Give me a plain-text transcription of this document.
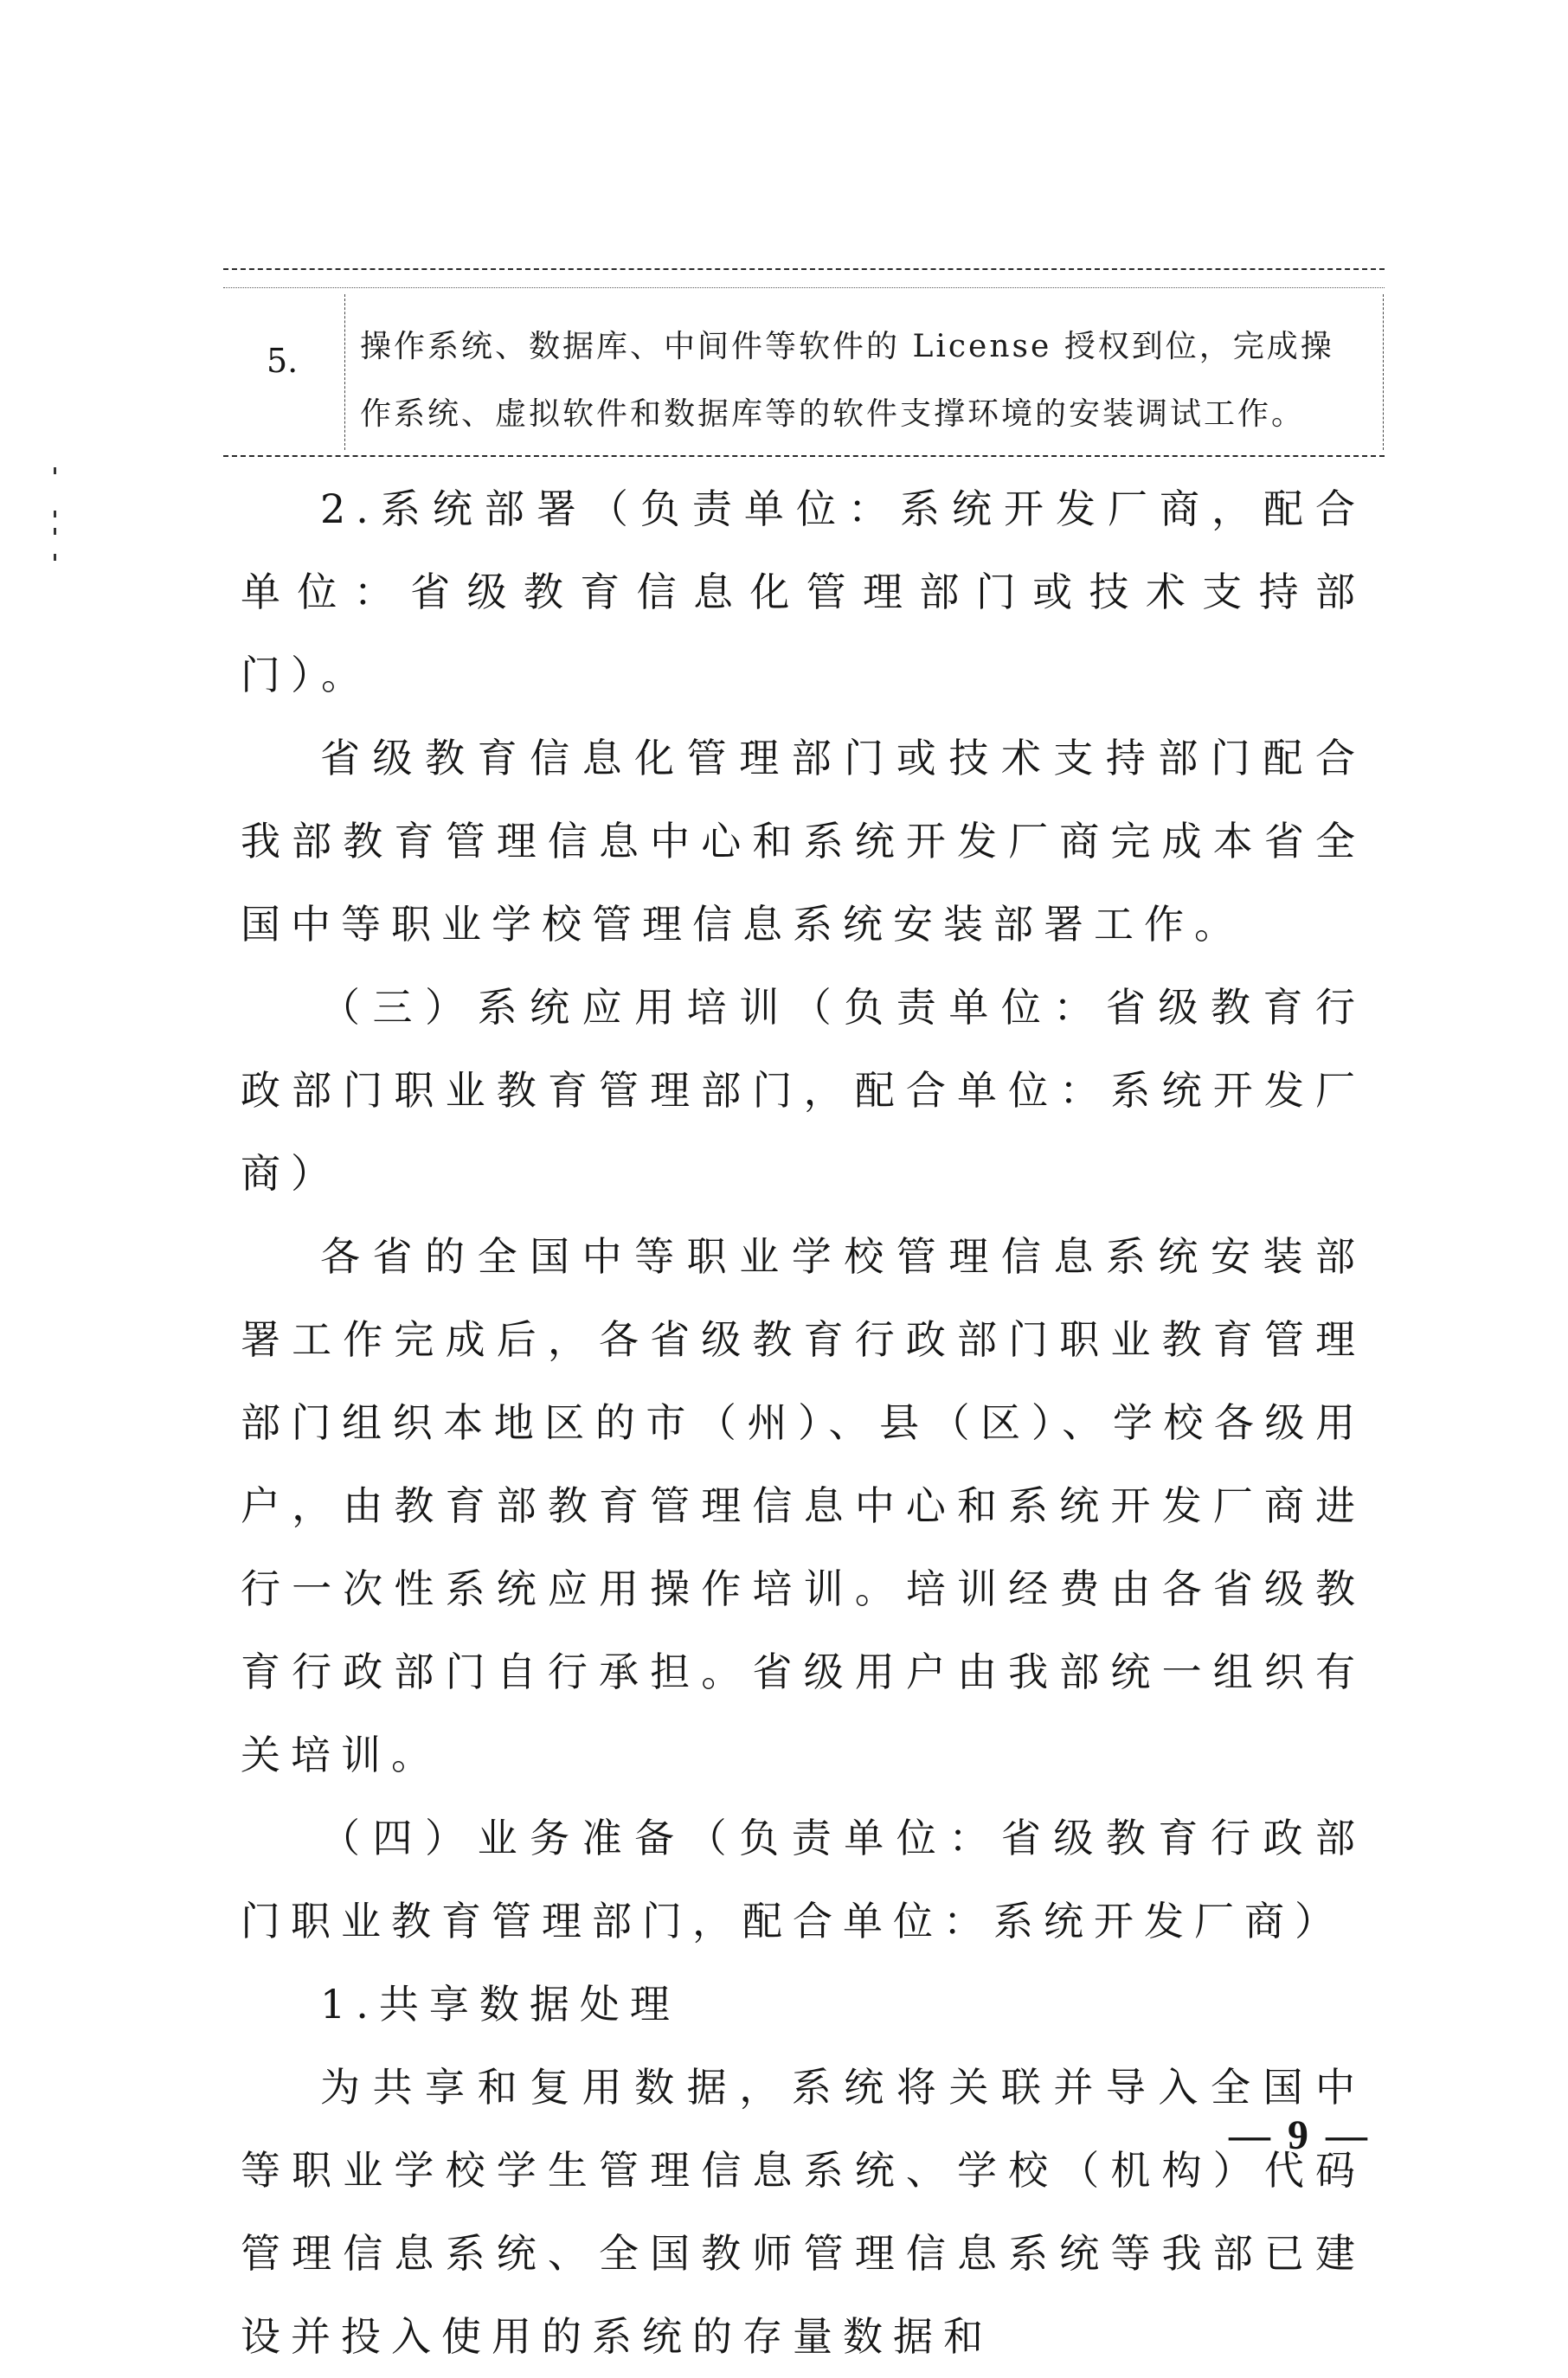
5. 操作系统、数据库、中间件等软件的 License 授权到位，完成操

作系统、虚拟软件和数据库等的软件支撑环境的安装调试工作。

2.系统部署（负责单位：系统开发厂商，配合单位：省级教育信息化管理部门或技术支持部门）。

省级教育信息化管理部门或技术支持部门配合我部教育管理信息中心和系统开发厂商完成本省全国中等职业学校管理信息系统安装部署工作。

（三）系统应用培训（负责单位：省级教育行政部门职业教育管理部门，配合单位：系统开发厂商）

各省的全国中等职业学校管理信息系统安装部署工作完成后，各省级教育行政部门职业教育管理部门组织本地区的市（州）、县（区）、学校各级用户，由教育部教育管理信息中心和系统开发厂商进行一次性系统应用操作培训。培训经费由各省级教育行政部门自行承担。省级用户由我部统一组织有关培训。

（四）业务准备（负责单位：省级教育行政部门职业教育管理部门，配合单位：系统开发厂商）

1.共享数据处理

为共享和复用数据，系统将关联并导入全国中等职业学校学生管理信息系统、学校（机构）代码管理信息系统、全国教师管理信息系统等我部已建设并投入使用的系统的存量数据和

— 9 —
